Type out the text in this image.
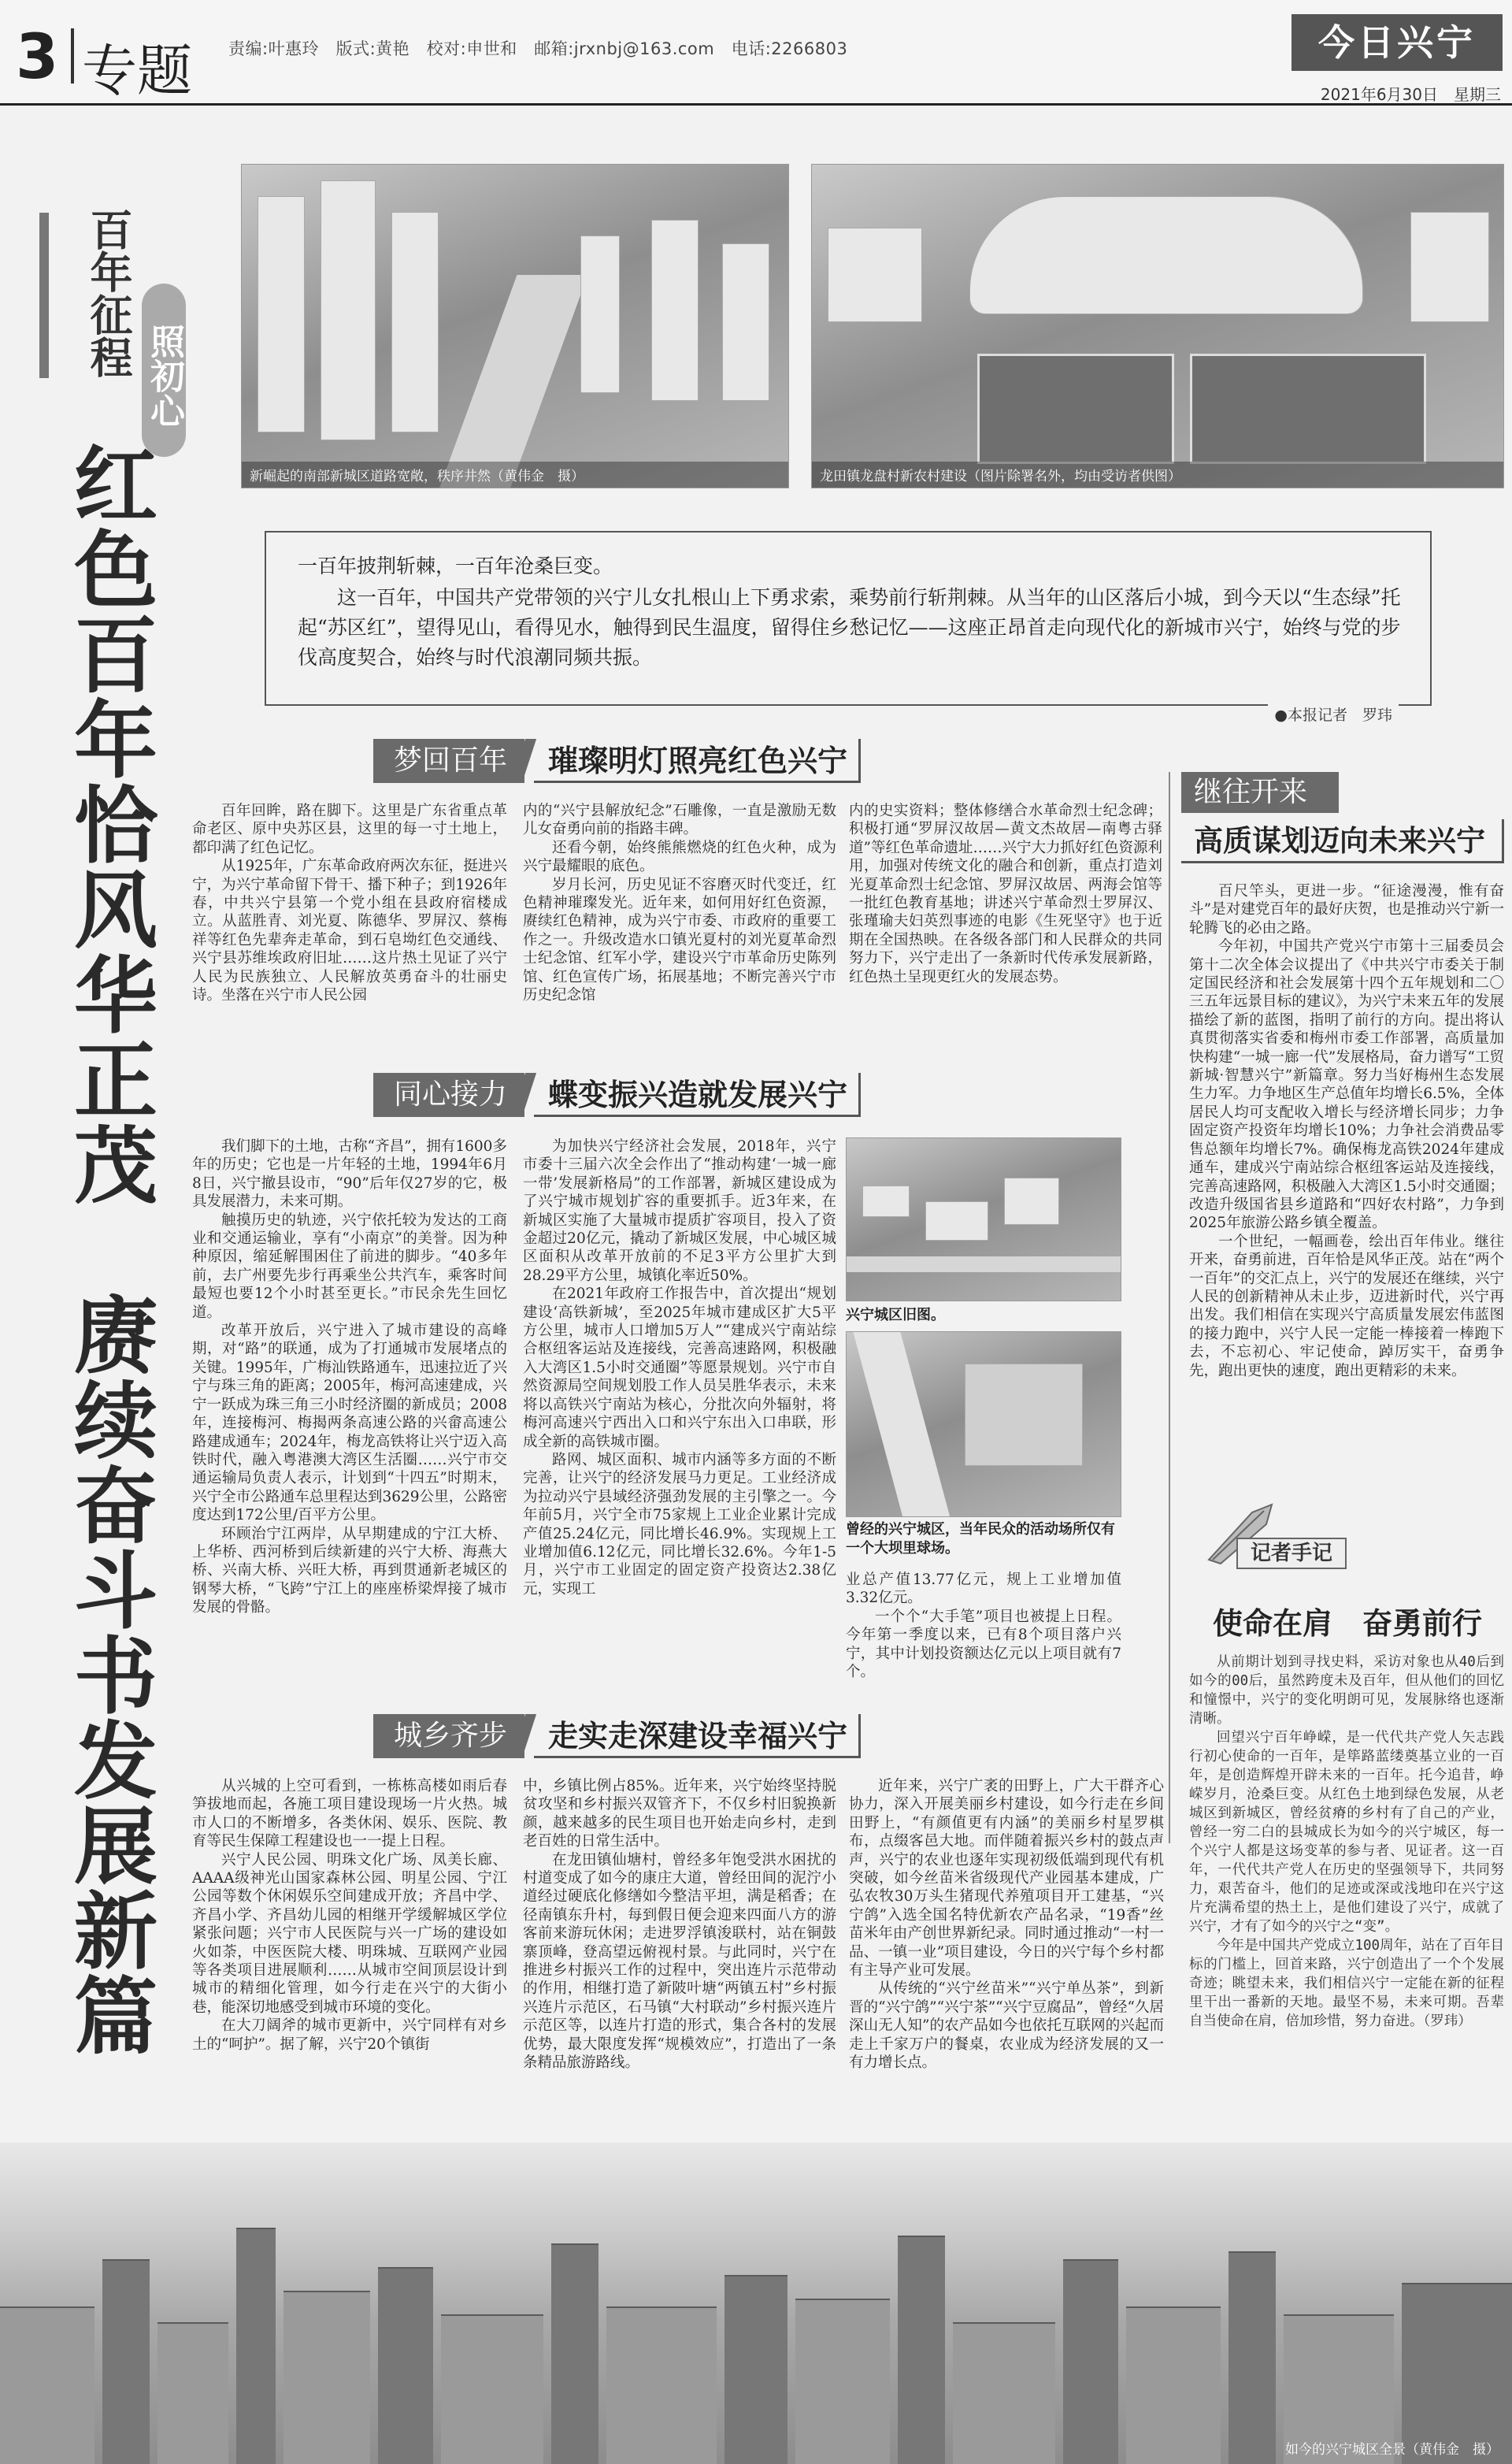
3 专题 责编:叶惠玲　版式:黄艳　校对:申世和　邮箱:jrxnbj@163.com　电话:2266803	今日兴宁
2021年6月30日　星期三
百年征程 照初心
红色百年恰风华正茂　赓续奋斗书发展新篇	新崛起的南部新城区道路宽敞，秩序井然（黄伟金　摄）	龙田镇龙盘村新农村建设（图片除署名外，均由受访者供图）

一百年披荆斩棘，一百年沧桑巨变。

这一百年，中国共产党带领的兴宁儿女扎根山上下勇求索，乘势前行斩荆棘。从当年的山区落后小城，到今天以“生态绿”托起“苏区红”，望得见山，看得见水，触得到民生温度，留得住乡愁记忆——这座正昂首走向现代化的新城市兴宁，始终与党的步伐高度契合，始终与时代浪潮同频共振。

●本报记者　罗玮
梦回百年	璀璨明灯照亮红色兴宁

百年回眸，路在脚下。这里是广东省重点革命老区、原中央苏区县，这里的每一寸土地上，都印满了红色记忆。

从1925年，广东革命政府两次东征，挺进兴宁，为兴宁革命留下骨干、播下种子；到1926年春，中共兴宁县第一个党小组在县政府宿楼成立。从蓝胜青、刘光夏、陈德华、罗屏汉、蔡梅祥等红色先辈奔走革命，到石皂坳红色交通线、兴宁县苏维埃政府旧址……这片热土见证了兴宁人民为民族独立、人民解放英勇奋斗的壮丽史诗。坐落在兴宁市人民公园

内的“兴宁县解放纪念”石雕像，一直是激励无数儿女奋勇向前的指路丰碑。

还看今朝，始终熊熊燃烧的红色火种，成为兴宁最耀眼的底色。

岁月长河，历史见证不容磨灭时代变迁，红色精神璀璨发光。近年来，如何用好红色资源，赓续红色精神，成为兴宁市委、市政府的重要工作之一。升级改造水口镇光夏村的刘光夏革命烈士纪念馆、红军小学，建设兴宁市革命历史陈列馆、红色宣传广场，拓展基地；不断完善兴宁市历史纪念馆

内的史实资料；整体修缮合水革命烈士纪念碑；积极打通“罗屏汉故居—黄文杰故居—南粤古驿道”等红色革命遗址……兴宁大力抓好红色资源利用，加强对传统文化的融合和创新，重点打造刘光夏革命烈士纪念馆、罗屏汉故居、两海会馆等一批红色教育基地；讲述兴宁革命烈士罗屏汉、张瑾瑜夫妇英烈事迹的电影《生死坚守》也于近期在全国热映。在各级各部门和人民群众的共同努力下，兴宁走出了一条新时代传承发展新路，红色热土呈现更红火的发展态势。

同心接力	蝶变振兴造就发展兴宁

我们脚下的土地，古称“齐昌”，拥有1600多年的历史；它也是一片年轻的土地，1994年6月8日，兴宁撤县设市，“90”后年仅27岁的它，极具发展潜力，未来可期。

触摸历史的轨迹，兴宁依托较为发达的工商业和交通运输业，享有“小南京”的美誉。因为种种原因，缩延解围困住了前进的脚步。“40多年前，去广州要先步行再乘坐公共汽车，乘客时间最短也要12个小时甚至更长。”市民余先生回忆道。

改革开放后，兴宁进入了城市建设的高峰期，对“路”的联通，成为了打通城市发展堵点的关键。1995年，广梅汕铁路通车，迅速拉近了兴宁与珠三角的距离；2005年，梅河高速建成，兴宁一跃成为珠三角三小时经济圈的新成员；2008年，连接梅河、梅揭两条高速公路的兴畲高速公路建成通车；2024年，梅龙高铁将让兴宁迈入高铁时代，融入粤港澳大湾区生活圈……兴宁市交通运输局负责人表示，计划到“十四五”时期末，兴宁全市公路通车总里程达到3629公里，公路密度达到172公里/百平方公里。

环顾治宁江两岸，从早期建成的宁江大桥、上华桥、西河桥到后续新建的兴宁大桥、海燕大桥、兴南大桥、兴旺大桥，再到贯通新老城区的钢琴大桥，“飞跨”宁江上的座座桥梁焊接了城市发展的骨骼。

为加快兴宁经济社会发展，2018年，兴宁市委十三届六次全会作出了“推动构建‘一城一廊一带’发展新格局”的工作部署，新城区建设成为了兴宁城市规划扩容的重要抓手。近3年来，在新城区实施了大量城市提质扩容项目，投入了资金超过20亿元，撬动了新城区发展，中心城区城区面积从改革开放前的不足3平方公里扩大到28.29平方公里，城镇化率近50%。

在2021年政府工作报告中，首次提出“规划建设‘高铁新城’，至2025年城市建成区扩大5平方公里，城市人口增加5万人”“建成兴宁南站综合枢纽客运站及连接线，完善高速路网，积极融入大湾区1.5小时交通圈”等愿景规划。兴宁市自然资源局空间规划股工作人员吴胜华表示，未来将以高铁兴宁南站为核心，分批次向外辐射，将梅河高速兴宁西出入口和兴宁东出入口串联，形成全新的高铁城市圈。

路网、城区面积、城市内涵等多方面的不断完善，让兴宁的经济发展马力更足。工业经济成为拉动兴宁县域经济强劲发展的主引擎之一。今年前5月，兴宁全市75家规上工业企业累计完成产值25.24亿元，同比增长46.9%。实现规上工业增加值6.12亿元，同比增长32.6%。今年1-5月，兴宁市工业固定的固定资产投资达2.38亿元，实现工

兴宁城区旧图。
曾经的兴宁城区，当年民众的活动场所仅有一个大坝里球场。

业总产值13.77亿元，规上工业增加值3.32亿元。

一个个“大手笔”项目也被提上日程。今年第一季度以来，已有8个项目落户兴宁，其中计划投资额达亿元以上项目就有7个。

城乡齐步	走实走深建设幸福兴宁

从兴城的上空可看到，一栋栋高楼如雨后春笋拔地而起，各施工项目建设现场一片火热。城市人口的不断增多，各类休闲、娱乐、医院、教育等民生保障工程建设也一一提上日程。

兴宁人民公园、明珠文化广场、凤美长廊、AAAA级神光山国家森林公园、明星公园、宁江公园等数个休闲娱乐空间建成开放；齐昌中学、齐昌小学、齐昌幼儿园的相继开学缓解城区学位紧张问题；兴宁市人民医院与兴一广场的建设如火如荼，中医医院大楼、明珠城、互联网产业园等各类项目进展顺利……从城市空间顶层设计到城市的精细化管理，如今行走在兴宁的大街小巷，能深切地感受到城市环境的变化。

在大刀阔斧的城市更新中，兴宁同样有对乡土的“呵护”。据了解，兴宁20个镇街

中，乡镇比例占85%。近年来，兴宁始终坚持脱贫攻坚和乡村振兴双管齐下，不仅乡村旧貌换新颜，越来越多的民生项目也开始走向乡村，走到老百姓的日常生活中。

在龙田镇仙塘村，曾经多年饱受洪水困扰的村道变成了如今的康庄大道，曾经田间的泥泞小道经过硬底化修缮如今整洁平坦，满是稻香；在径南镇东升村，每到假日便会迎来四面八方的游客前来游玩休闲；走进罗浮镇浚联村，站在铜鼓寨顶峰，登高望远俯视村景。与此同时，兴宁在推进乡村振兴工作的过程中，突出连片示范带动的作用，相继打造了新陂叶塘“两镇五村”乡村振兴连片示范区，石马镇“大村联动”乡村振兴连片示范区等，以连片打造的形式，集合各村的发展优势，最大限度发挥“规模效应”，打造出了一条条精品旅游路线。

近年来，兴宁广袤的田野上，广大干群齐心协力，深入开展美丽乡村建设，如今行走在乡间田野上，“有颜值更有内涵”的美丽乡村星罗棋布，点缀客邑大地。而伴随着振兴乡村的鼓点声声，兴宁的农业也逐年实现初级低端到现代有机突破，如今丝苗米省级现代产业园基本建成，广弘农牧30万头生猪现代养殖项目开工建基，“兴宁鸽”入选全国名特优新农产品名录，“19香”丝苗米年由产创世界新纪录。同时通过推动“一村一品、一镇一业”项目建设，今日的兴宁每个乡村都有主导产业可发展。

从传统的“兴宁丝苗米”“兴宁单丛茶”，到新晋的“兴宁鸽”“兴宁茶”“兴宁豆腐品”，曾经“久居深山无人知”的农产品如今也依托互联网的兴起而走上千家万户的餐桌，农业成为经济发展的又一有力增长点。

继往开来
高质谋划迈向未来兴宁

百尺竿头，更进一步。“征途漫漫，惟有奋斗”是对建党百年的最好庆贺，也是推动兴宁新一轮腾飞的必由之路。

今年初，中国共产党兴宁市第十三届委员会第十二次全体会议提出了《中共兴宁市委关于制定国民经济和社会发展第十四个五年规划和二〇三五年远景目标的建议》，为兴宁未来五年的发展描绘了新的蓝图，指明了前行的方向。提出将认真贯彻落实省委和梅州市委工作部署，高质量加快构建“一城一廊一代”发展格局，奋力谱写“工贸新城·智慧兴宁”新篇章。努力当好梅州生态发展生力军。力争地区生产总值年均增长6.5%，全体居民人均可支配收入增长与经济增长同步；力争固定资产投资年均增长10%；力争社会消费品零售总额年均增长7%。确保梅龙高铁2024年建成通车，建成兴宁南站综合枢纽客运站及连接线，完善高速路网，积极融入大湾区1.5小时交通圈；改造升级国省县乡道路和“四好农村路”，力争到2025年旅游公路乡镇全覆盖。

一个世纪，一幅画卷，绘出百年伟业。继往开来，奋勇前进，百年恰是风华正茂。站在“两个一百年”的交汇点上，兴宁的发展还在继续，兴宁人民的创新精神从未止步，迈进新时代，兴宁再出发。我们相信在实现兴宁高质量发展宏伟蓝图的接力跑中，兴宁人民一定能一棒接着一棒跑下去，不忘初心、牢记使命，踔厉实干，奋勇争先，跑出更快的速度，跑出更精彩的未来。

记者手记
使命在肩　奋勇前行

从前期计划到寻找史料，采访对象也从40后到如今的00后，虽然跨度未及百年，但从他们的回忆和憧憬中，兴宁的变化明朗可见，发展脉络也逐渐清晰。

回望兴宁百年峥嵘，是一代代共产党人矢志践行初心使命的一百年，是筚路蓝缕奠基立业的一百年，是创造辉煌开辟未来的一百年。托今追昔，峥嵘岁月，沧桑巨变。从红色土地到绿色发展，从老城区到新城区，曾经贫瘠的乡村有了自己的产业，曾经一穷二白的县城成长为如今的兴宁城区，每一个兴宁人都是这场变革的参与者、见证者。这一百年，一代代共产党人在历史的坚强领导下，共同努力，艰苦奋斗，他们的足迹或深或浅地印在兴宁这片充满希望的热土上，是他们建设了兴宁，成就了兴宁，才有了如今的兴宁之“变”。

今年是中国共产党成立100周年，站在了百年目标的门槛上，回首来路，兴宁创造出了一个个发展奇迹；眺望未来，我们相信兴宁一定能在新的征程里干出一番新的天地。最坚不易，未来可期。吾辈自当使命在肩，倍加珍惜，努力奋进。（罗玮）

如今的兴宁城区全景（黄伟金　摄）
